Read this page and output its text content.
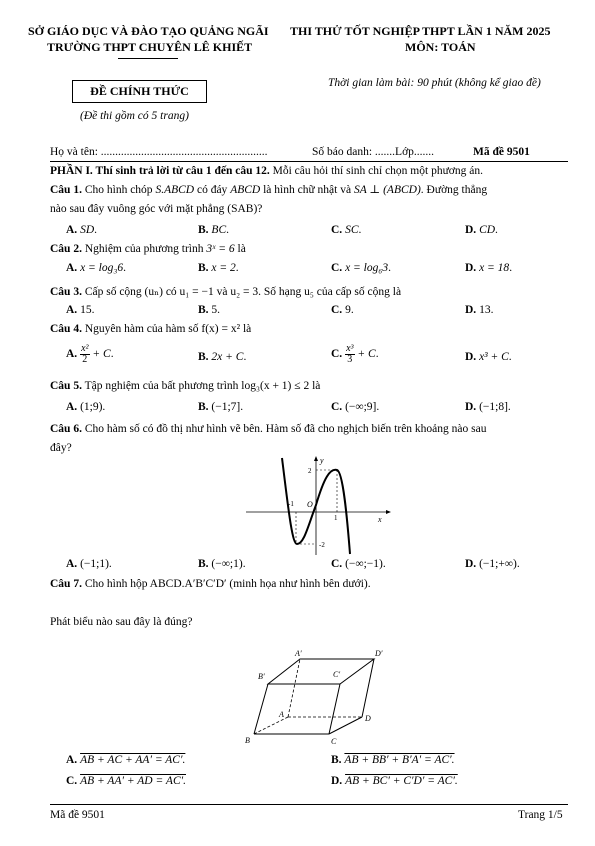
SỞ GIÁO DỤC VÀ ĐÀO TẠO QUẢNG NGÃI
TRƯỜNG THPT CHUYÊN LÊ KHIẾT
THI THỬ TỐT NGHIỆP THPT LẦN 1 NĂM 2025
MÔN: TOÁN
ĐỀ CHÍNH THỨC
Thời gian làm bài: 90 phút (không kể giao đề)
(Đề thi gồm có 5 trang)
Họ và tên: ..........................................................	Số báo danh: .......Lớp.......	Mã đề 9501
PHẦN I. Thí sinh trả lời từ câu 1 đến câu 12. Mỗi câu hỏi thí sinh chỉ chọn một phương án.
Câu 1. Cho hình chóp S.ABCD có đáy ABCD là hình chữ nhật và SA ⊥ (ABCD). Đường thẳng
nào sau đây vuông góc với mặt phẳng (SAB)?
A. SD.	B. BC.	C. SC.	D. CD.
Câu 2. Nghiệm của phương trình 3ˣ = 6 là
A. x = log₃6.	B. x = 2.	C. x = log₆3.	D. x = 18.
Câu 3. Cấp số cộng (uₙ) có u₁ = −1 và u₂ = 3. Số hạng u₅ của cấp số cộng là
A. 15.	B. 5.	C. 9.	D. 13.
Câu 4. Nguyên hàm của hàm số f(x) = x² là
A. $\frac{\text{x²}}{2} + C$.	B. 2x + C.	C. $\frac{\text{x³}}{3} + C$.	D. x³ + C.
Câu 5. Tập nghiệm của bất phương trình log₃(x + 1) ≤ 2 là
A. (1;9).	B. (−1;7].	C. (−∞;9].	D. (−1;8].
Câu 6. Cho hàm số có đồ thị như hình vẽ bên. Hàm số đã cho nghịch biến trên khoảng nào sau
đây?
y
x
O
2
-1
1
-2
A. (−1;1).	B. (−∞;1).	C. (−∞;−1).	D. (−1;+∞).
Câu 7. Cho hình hộp ABCD.A′B′C′D′ (minh họa như hình bên dưới).
Phát biểu nào sau đây là đúng?
A′	D′
B′	C′
A	D
B	C
A. AB + AC + AA′ = AC′.	B. AB + BB′ + B′A′ = AC′.
C. AB + AA′ + AD = AC′.	D. AB + BC′ + C′D′ = AC′.
Mã đề 9501	Trang 1/5
